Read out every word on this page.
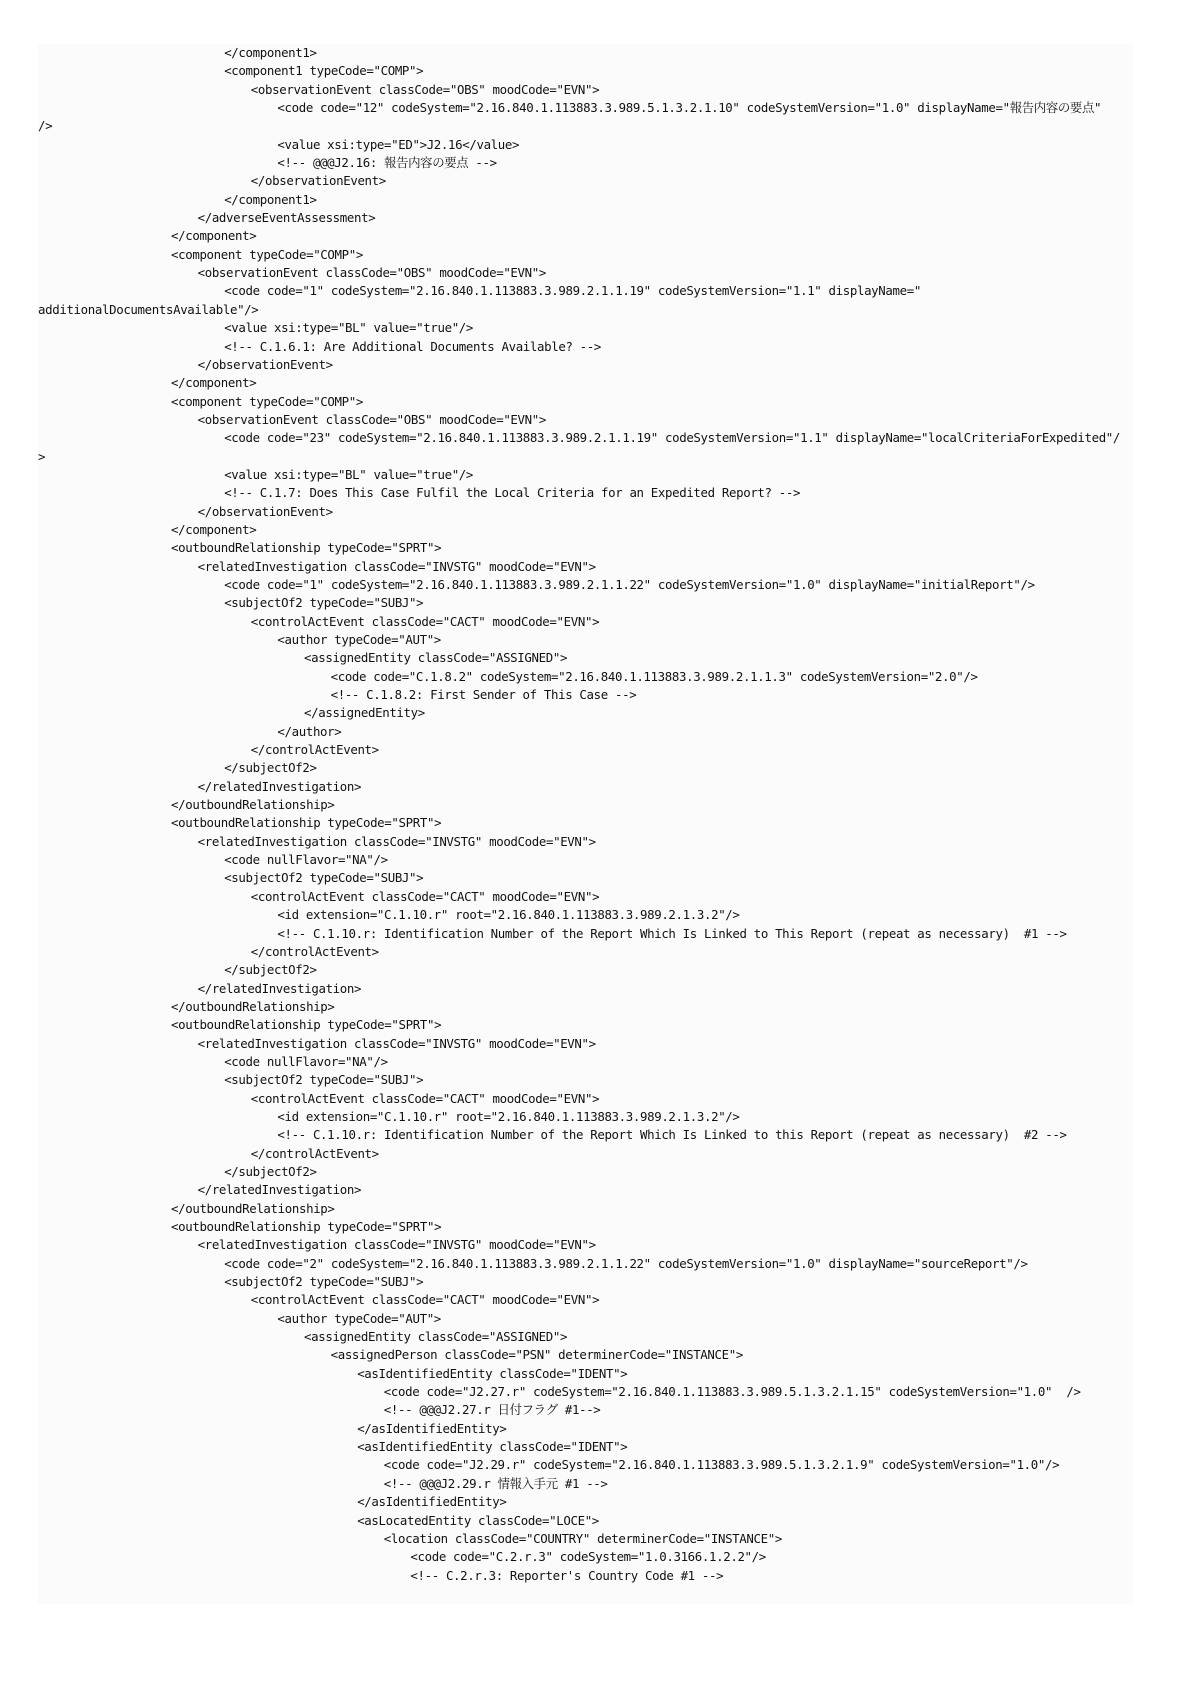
</component1>
<component1 typeCode="COMP">
<observationEvent classCode="OBS" moodCode="EVN">
<code code="12" codeSystem="2.16.840.1.113883.3.989.5.1.3.2.1.10" codeSystemVersion="1.0" displayName="報告内容の要点"
/>
<value xsi:type="ED">J2.16</value>
<!-- @@@J2.16: 報告内容の要点 -->
</observationEvent>
</component1>
</adverseEventAssessment>
</component>
<component typeCode="COMP">
<observationEvent classCode="OBS" moodCode="EVN">
<code code="1" codeSystem="2.16.840.1.113883.3.989.2.1.1.19" codeSystemVersion="1.1" displayName="
additionalDocumentsAvailable"/>
<value xsi:type="BL" value="true"/>
<!-- C.1.6.1: Are Additional Documents Available? -->
</observationEvent>
</component>
<component typeCode="COMP">
<observationEvent classCode="OBS" moodCode="EVN">
<code code="23" codeSystem="2.16.840.1.113883.3.989.2.1.1.19" codeSystemVersion="1.1" displayName="localCriteriaForExpedited"/
>
<value xsi:type="BL" value="true"/>
<!-- C.1.7: Does This Case Fulfil the Local Criteria for an Expedited Report? -->
</observationEvent>
</component>
<outboundRelationship typeCode="SPRT">
<relatedInvestigation classCode="INVSTG" moodCode="EVN">
<code code="1" codeSystem="2.16.840.1.113883.3.989.2.1.1.22" codeSystemVersion="1.0" displayName="initialReport"/>
<subjectOf2 typeCode="SUBJ">
<controlActEvent classCode="CACT" moodCode="EVN">
<author typeCode="AUT">
<assignedEntity classCode="ASSIGNED">
<code code="C.1.8.2" codeSystem="2.16.840.1.113883.3.989.2.1.1.3" codeSystemVersion="2.0"/>
<!-- C.1.8.2: First Sender of This Case -->
</assignedEntity>
</author>
</controlActEvent>
</subjectOf2>
</relatedInvestigation>
</outboundRelationship>
<outboundRelationship typeCode="SPRT">
<relatedInvestigation classCode="INVSTG" moodCode="EVN">
<code nullFlavor="NA"/>
<subjectOf2 typeCode="SUBJ">
<controlActEvent classCode="CACT" moodCode="EVN">
<id extension="C.1.10.r" root="2.16.840.1.113883.3.989.2.1.3.2"/>
<!-- C.1.10.r: Identification Number of the Report Which Is Linked to This Report (repeat as necessary)  #1 -->
</controlActEvent>
</subjectOf2>
</relatedInvestigation>
</outboundRelationship>
<outboundRelationship typeCode="SPRT">
<relatedInvestigation classCode="INVSTG" moodCode="EVN">
<code nullFlavor="NA"/>
<subjectOf2 typeCode="SUBJ">
<controlActEvent classCode="CACT" moodCode="EVN">
<id extension="C.1.10.r" root="2.16.840.1.113883.3.989.2.1.3.2"/>
<!-- C.1.10.r: Identification Number of the Report Which Is Linked to this Report (repeat as necessary)  #2 -->
</controlActEvent>
</subjectOf2>
</relatedInvestigation>
</outboundRelationship>
<outboundRelationship typeCode="SPRT">
<relatedInvestigation classCode="INVSTG" moodCode="EVN">
<code code="2" codeSystem="2.16.840.1.113883.3.989.2.1.1.22" codeSystemVersion="1.0" displayName="sourceReport"/>
<subjectOf2 typeCode="SUBJ">
<controlActEvent classCode="CACT" moodCode="EVN">
<author typeCode="AUT">
<assignedEntity classCode="ASSIGNED">
<assignedPerson classCode="PSN" determinerCode="INSTANCE">
<asIdentifiedEntity classCode="IDENT">
<code code="J2.27.r" codeSystem="2.16.840.1.113883.3.989.5.1.3.2.1.15" codeSystemVersion="1.0"  />
<!-- @@@J2.27.r 日付フラグ #1-->
</asIdentifiedEntity>
<asIdentifiedEntity classCode="IDENT">
<code code="J2.29.r" codeSystem="2.16.840.1.113883.3.989.5.1.3.2.1.9" codeSystemVersion="1.0"/>
<!-- @@@J2.29.r 情報入手元 #1 -->
</asIdentifiedEntity>
<asLocatedEntity classCode="LOCE">
<location classCode="COUNTRY" determinerCode="INSTANCE">
<code code="C.2.r.3" codeSystem="1.0.3166.1.2.2"/>
<!-- C.2.r.3: Reporter's Country Code #1 -->
